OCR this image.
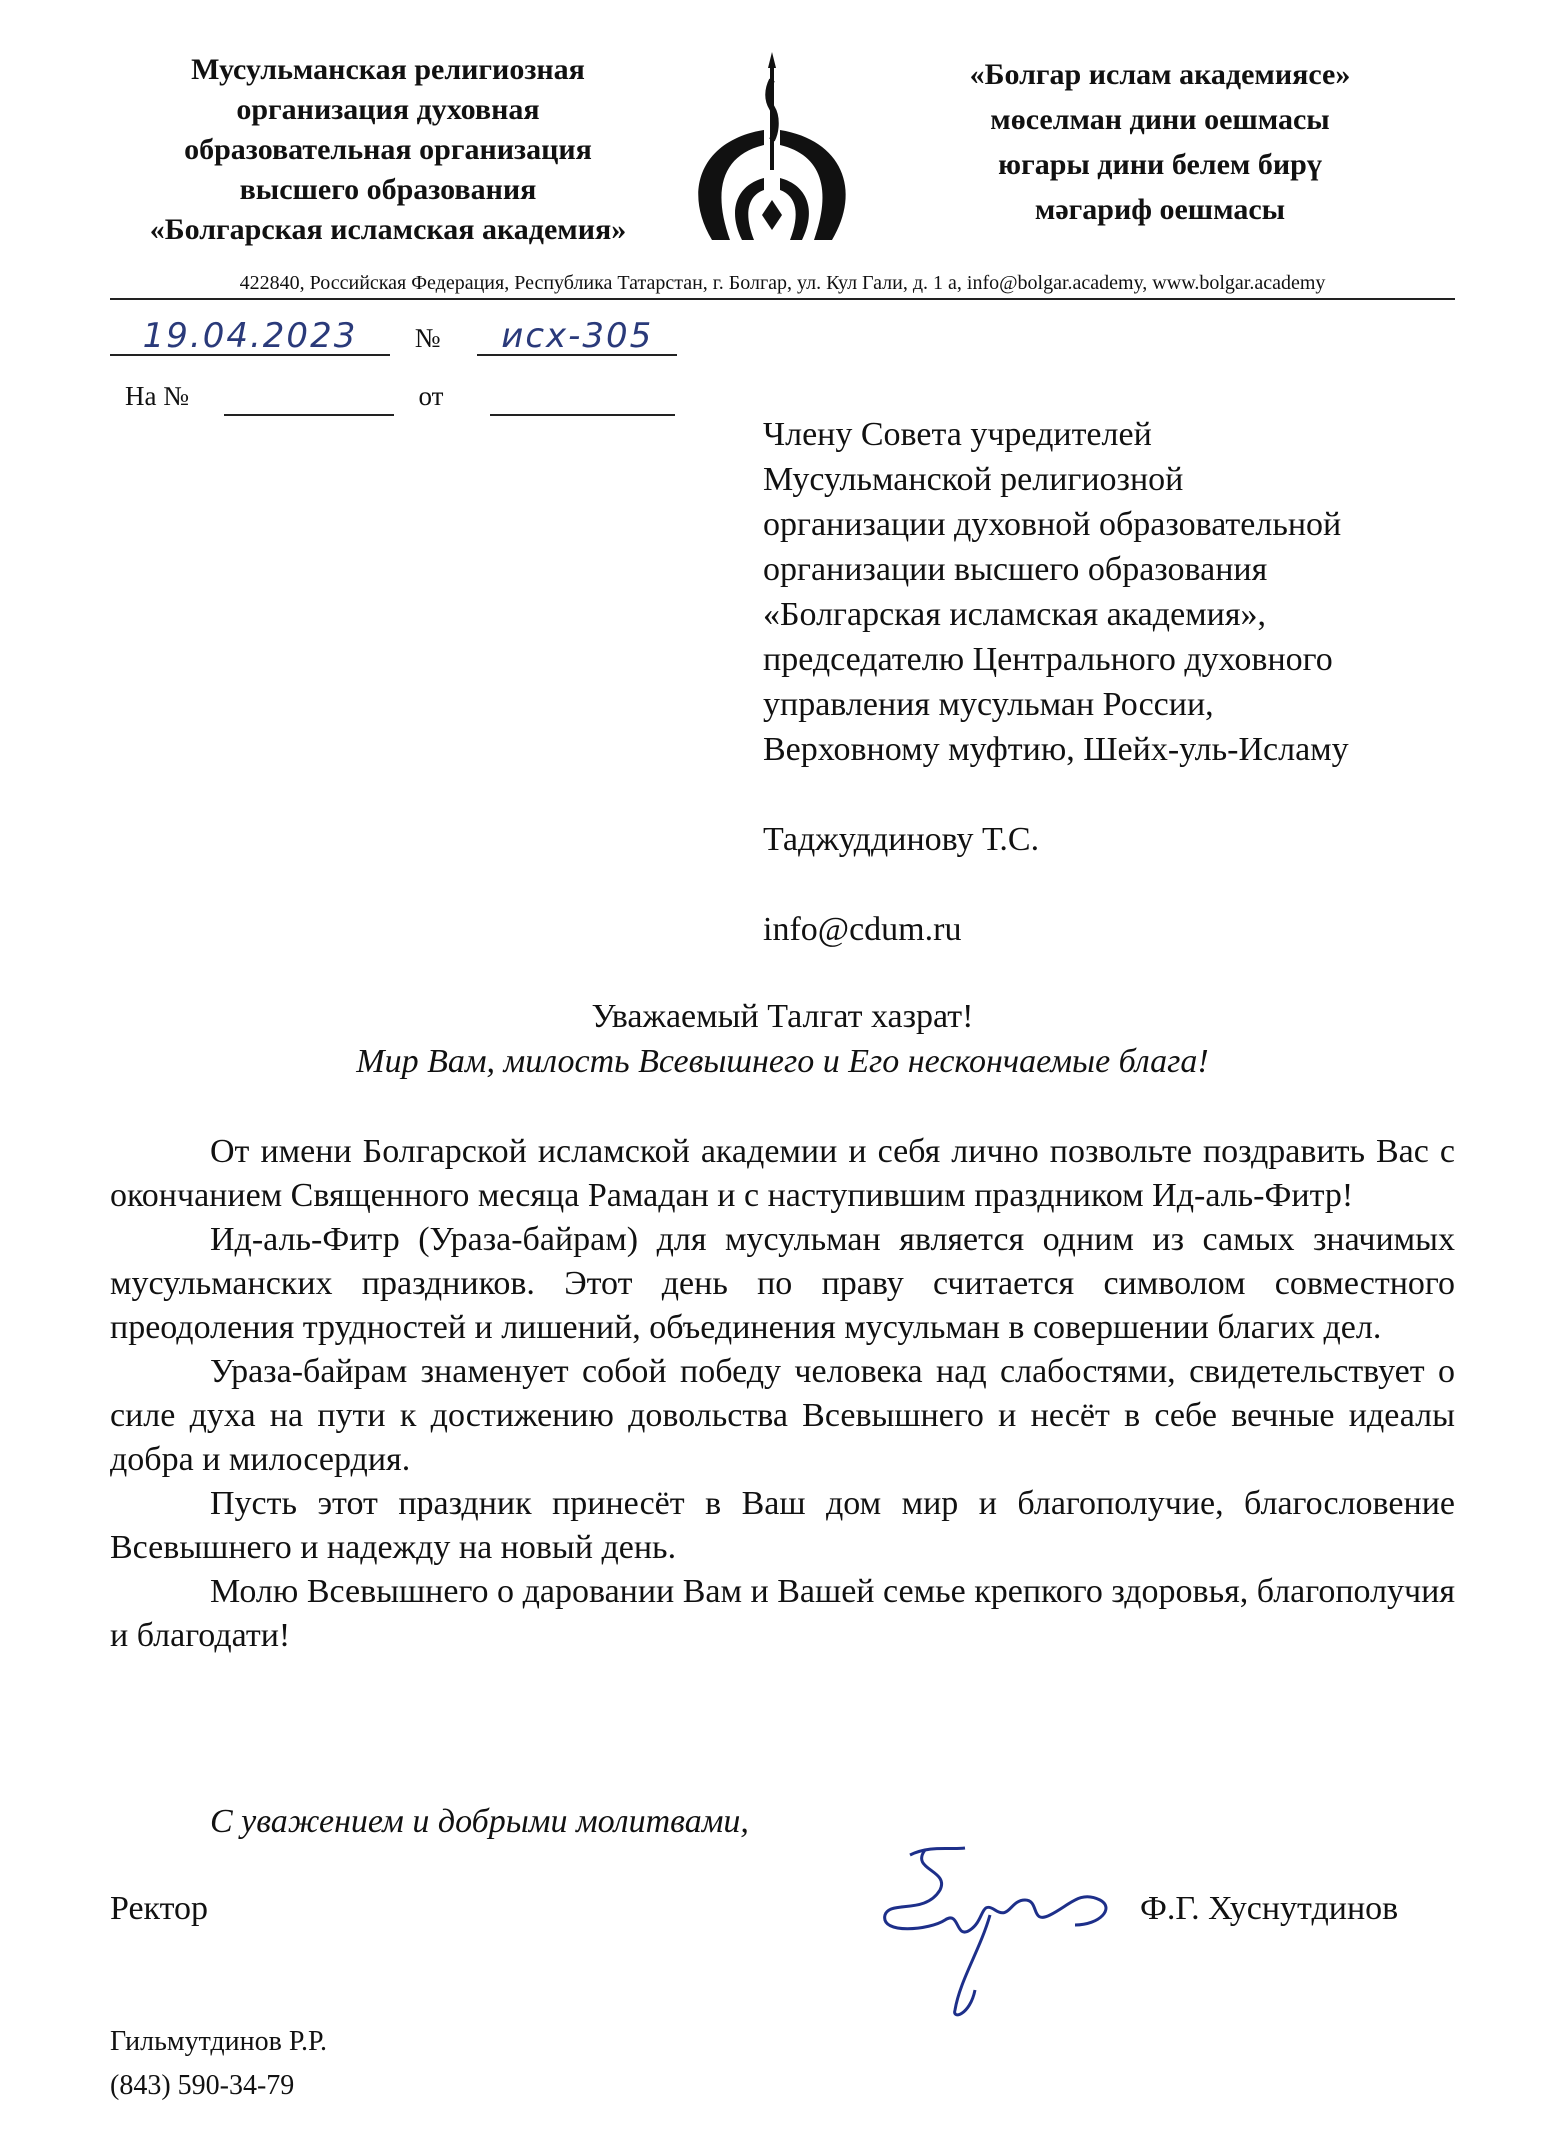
Мусульманская религиозная
организация духовная
образовательная организация
высшего образования
«Болгарская исламская академия»
«Болгар ислам академиясе»
мөселман дини оешмасы
югары дини белем бирү
мәгариф оешмасы
422840, Российская Федерация, Республика Татарстан, г. Болгар, ул. Кул Гали, д. 1 а, info@bolgar.academy, www.bolgar.academy
19.04.2023 № исх-305
На №	от
Члену Совета учредителей
Мусульманской религиозной
организации духовной образовательной
организации высшего образования
«Болгарская исламская академия»,
председателю Центрального духовного
управления мусульман России,
Верховному муфтию, Шейх-уль-Исламу
Таджуддинову Т.С.
info@cdum.ru
Уважаемый Талгат хазрат!
Мир Вам, милость Всевышнего и Его нескончаемые блага!

От имени Болгарской исламской академии и себя лично позвольте поздравить Вас с окончанием Священного месяца Рамадан и с наступившим праздником Ид-аль-Фитр!

Ид-аль-Фитр (Ураза-байрам) для мусульман является одним из самых значимых мусульманских праздников. Этот день по праву считается символом совместного преодоления трудностей и лишений, объединения мусульман в совершении благих дел.

Ураза-байрам знаменует собой победу человека над слабостями, свидетельствует о силе духа на пути к достижению довольства Всевышнего и несёт в себе вечные идеалы добра и милосердия.

Пусть этот праздник принесёт в Ваш дом мир и благополучие, благословение Всевышнего и надежду на новый день.

Молю Всевышнего о даровании Вам и Вашей семье крепкого здоровья, благополучия и благодати!

С уважением и добрыми молитвами,
Ректор	Ф.Г. Хуснутдинов
Гильмутдинов Р.Р.
(843) 590-34-79
